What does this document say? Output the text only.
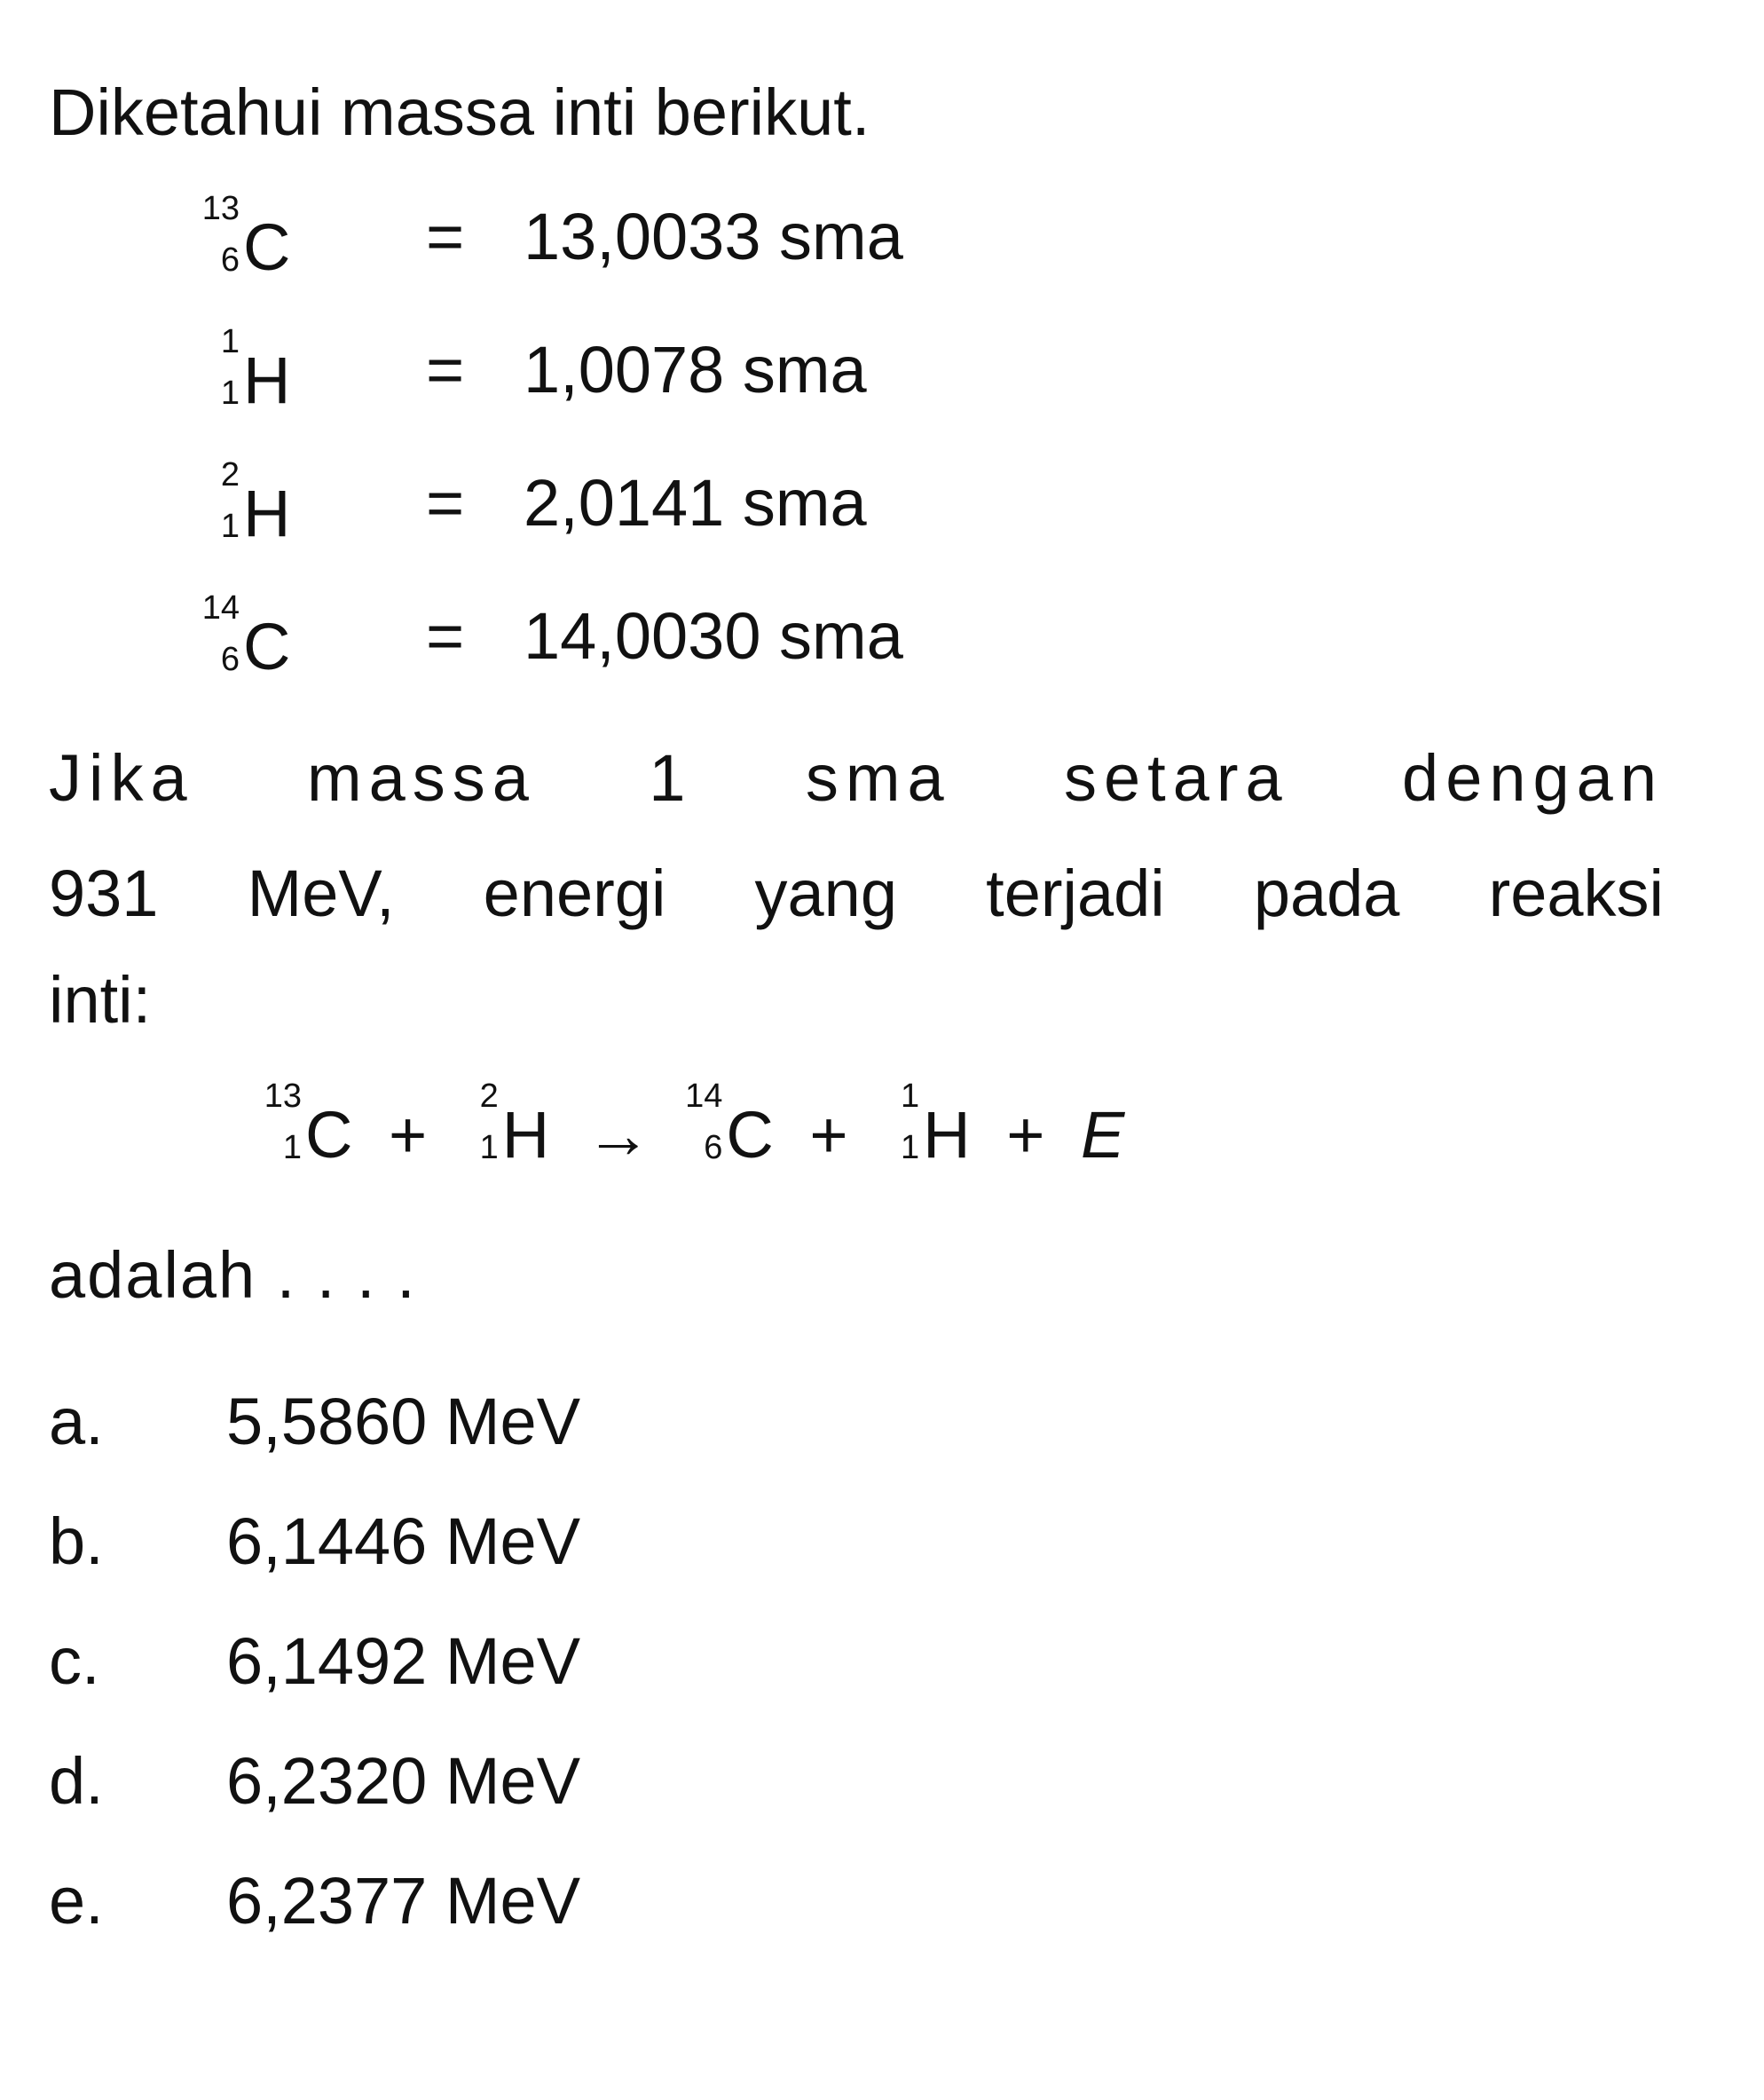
Diketahui massa inti berikut.
13
6 C = 13,0033 sma
1
1 H = 1,0078 sma
2
1 H = 2,0141 sma
14
6 C = 14,0030 sma
Jika massa 1 sma setara dengan
931 MeV, energi yang terjadi pada reaksi
inti:
13
1 C +
2
1 H →
14
6 C +
1
1 H + E
adalah . . . .
a. 5,5860 MeV
b. 6,1446 MeV
c. 6,1492 MeV
d. 6,2320 MeV
e. 6,2377 MeV
